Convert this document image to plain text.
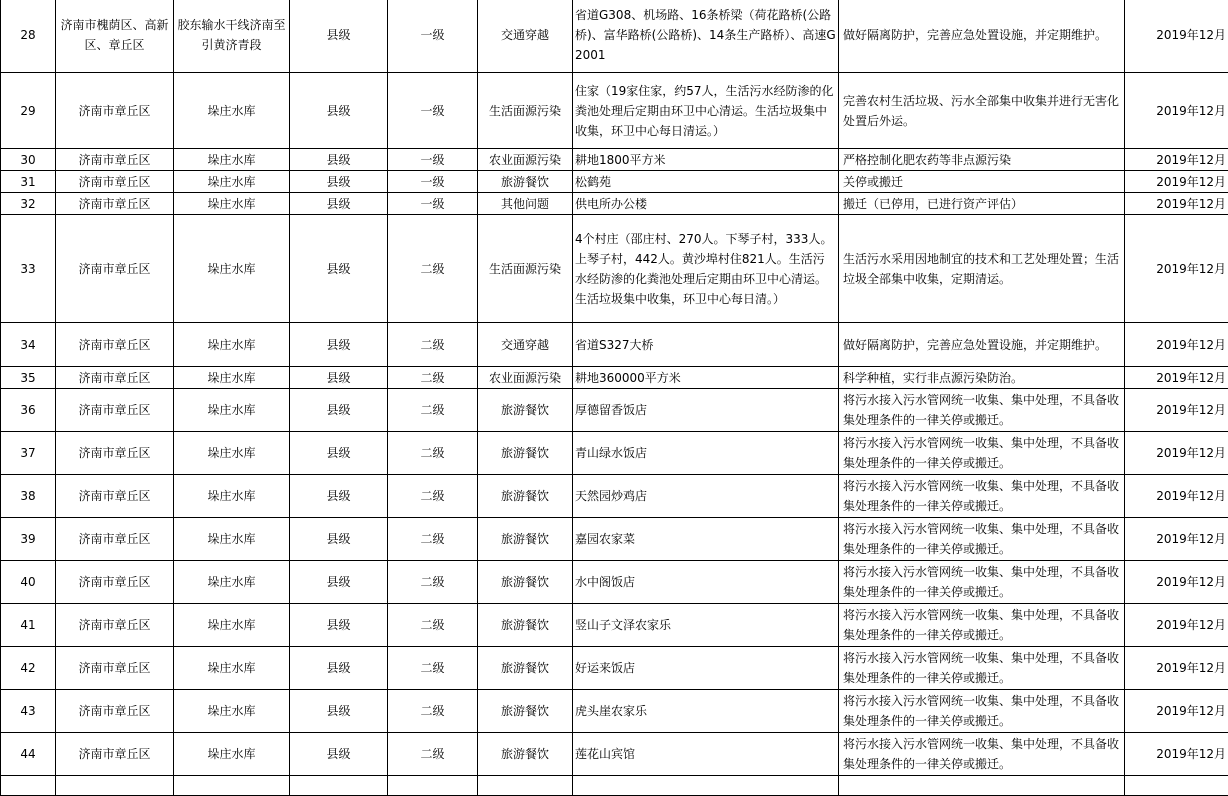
28	济南市槐荫区、高新区、章丘区	胶东输水干线济南至引黄济青段	县级	一级	交通穿越	省道G308、机场路、16条桥梁（荷花路桥(公路桥)、富华路桥(公路桥)、14条生产路桥）、高速G2001	做好隔离防护，完善应急处置设施，并定期维护。	2019年12月
29	济南市章丘区	垛庄水库	县级	一级	生活面源污染	住家（19家住家，约57人，生活污水经防渗的化粪池处理后定期由环卫中心清运。生活垃圾集中收集，环卫中心每日清运。）	完善农村生活垃圾、污水全部集中收集并进行无害化处置后外运。	2019年12月
30	济南市章丘区	垛庄水库	县级	一级	农业面源污染	耕地1800平方米	严格控制化肥农药等非点源污染	2019年12月
31	济南市章丘区	垛庄水库	县级	一级	旅游餐饮	松鹤苑	关停或搬迁	2019年12月
32	济南市章丘区	垛庄水库	县级	一级	其他问题	供电所办公楼	搬迁（已停用，已进行资产评估）	2019年12月
33	济南市章丘区	垛庄水库	县级	二级	生活面源污染	4个村庄（邵庄村、270人。下琴子村，333人。上琴子村，442人。黄沙埠村住821人。生活污水经防渗的化粪池处理后定期由环卫中心清运。生活垃圾集中收集，环卫中心每日清。）	生活污水采用因地制宜的技术和工艺处理处置；生活垃圾全部集中收集，定期清运。	2019年12月
34	济南市章丘区	垛庄水库	县级	二级	交通穿越	省道S327大桥	做好隔离防护，完善应急处置设施，并定期维护。	2019年12月
35	济南市章丘区	垛庄水库	县级	二级	农业面源污染	耕地360000平方米	科学种植，实行非点源污染防治。	2019年12月
36	济南市章丘区	垛庄水库	县级	二级	旅游餐饮	厚德留香饭店	将污水接入污水管网统一收集、集中处理，不具备收集处理条件的一律关停或搬迁。	2019年12月
37	济南市章丘区	垛庄水库	县级	二级	旅游餐饮	青山绿水饭店	将污水接入污水管网统一收集、集中处理，不具备收集处理条件的一律关停或搬迁。	2019年12月
38	济南市章丘区	垛庄水库	县级	二级	旅游餐饮	天然园炒鸡店	将污水接入污水管网统一收集、集中处理，不具备收集处理条件的一律关停或搬迁。	2019年12月
39	济南市章丘区	垛庄水库	县级	二级	旅游餐饮	嘉园农家菜	将污水接入污水管网统一收集、集中处理，不具备收集处理条件的一律关停或搬迁。	2019年12月
40	济南市章丘区	垛庄水库	县级	二级	旅游餐饮	水中阁饭店	将污水接入污水管网统一收集、集中处理，不具备收集处理条件的一律关停或搬迁。	2019年12月
41	济南市章丘区	垛庄水库	县级	二级	旅游餐饮	竖山子文泽农家乐	将污水接入污水管网统一收集、集中处理，不具备收集处理条件的一律关停或搬迁。	2019年12月
42	济南市章丘区	垛庄水库	县级	二级	旅游餐饮	好运来饭店	将污水接入污水管网统一收集、集中处理，不具备收集处理条件的一律关停或搬迁。	2019年12月
43	济南市章丘区	垛庄水库	县级	二级	旅游餐饮	虎头崖农家乐	将污水接入污水管网统一收集、集中处理，不具备收集处理条件的一律关停或搬迁。	2019年12月
44	济南市章丘区	垛庄水库	县级	二级	旅游餐饮	莲花山宾馆	将污水接入污水管网统一收集、集中处理，不具备收集处理条件的一律关停或搬迁。	2019年12月
